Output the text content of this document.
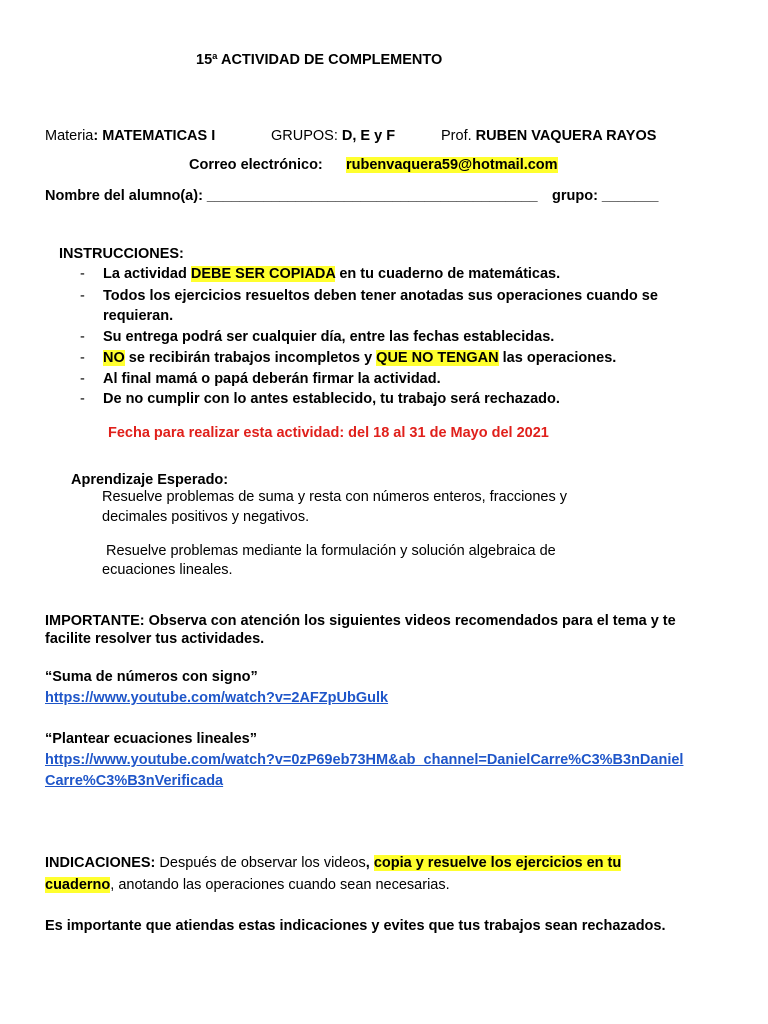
15ª ACTIVIDAD DE COMPLEMENTO
Materia: MATEMATICAS I	GRUPOS: D, E y F	Prof. RUBEN VAQUERA RAYOS
Correo electrónico: rubenvaquera59@hotmail.com
Nombre del alumno(a): _________________________________________ grupo: _______
INSTRUCCIONES:
- La actividad DEBE SER COPIADA en tu cuaderno de matemáticas.
- Todos los ejercicios resueltos deben tener anotadas sus operaciones cuando se
requieran.
- Su entrega podrá ser cualquier día, entre las fechas establecidas.
- NO se recibirán trabajos incompletos y QUE NO TENGAN las operaciones.
- Al final mamá o papá deberán firmar la actividad.
- De no cumplir con lo antes establecido, tu trabajo será rechazado.
Fecha para realizar esta actividad: del 18 al 31 de Mayo del 2021
Aprendizaje Esperado:
Resuelve problemas de suma y resta con números enteros, fracciones y
decimales positivos y negativos.
Resuelve problemas mediante la formulación y solución algebraica de
ecuaciones lineales.
IMPORTANTE: Observa con atención los siguientes videos recomendados para el tema y te
facilite resolver tus actividades.
“Suma de números con signo”
https://www.youtube.com/watch?v=2AFZpUbGulk
“Plantear ecuaciones lineales”
https://www.youtube.com/watch?v=0zP69eb73HM&ab_channel=DanielCarre%C3%B3nDaniel
Carre%C3%B3nVerificada
INDICACIONES: Después de observar los videos, copia y resuelve los ejercicios en tu
cuaderno, anotando las operaciones cuando sean necesarias.
Es importante que atiendas estas indicaciones y evites que tus trabajos sean rechazados.
